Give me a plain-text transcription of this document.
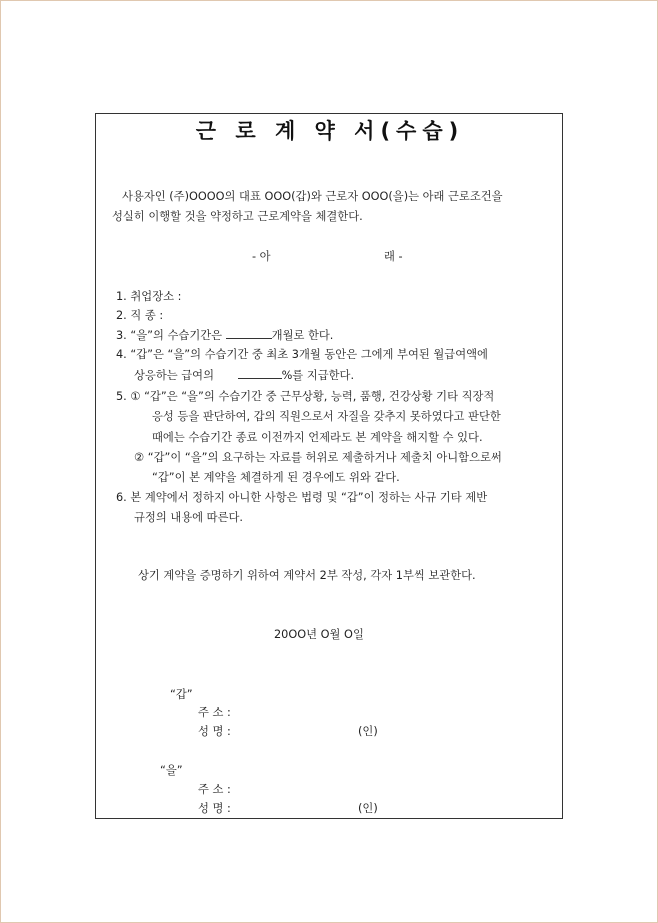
근 로 계 약 서(수습)
사용자인 (주)OOOO의 대표 OOO(갑)와 근로자 OOO(을)는 아래 근로조건을
성실히 이행할 것을 약정하고 근로계약을 체결한다.
- 아	래 -
1. 취업장소 :
2. 직 종 :
3. “을”의 수습기간은	개월로 한다.
4. “갑”은 “을”의 수습기간 중 최초 3개월 동안은 그에게 부여된 월급여액에
상응하는 급여의	%를 지급한다.
5. ① “갑”은 “을”의 수습기간 중 근무상황, 능력, 품행, 건강상황 기타 직장적
응성 등을 판단하여, 갑의 직원으로서 자질을 갖추지 못하였다고 판단한
때에는 수습기간 종료 이전까지 언제라도 본 계약을 해지할 수 있다.
② “갑”이 “을”의 요구하는 자료를 허위로 제출하거나 제출치 아니함으로써
“갑”이 본 계약을 체결하게 된 경우에도 위와 같다.
6. 본 계약에서 정하지 아니한 사항은 법령 및 “갑”이 정하는 사규 기타 제반
규정의 내용에 따른다.
상기 계약을 증명하기 위하여 계약서 2부 작성, 각자 1부씩 보관한다.
20OO년 O월 O일
“갑”
주 소 :
성 명 :	(인)
“을”
주 소 :
성 명 :	(인)
